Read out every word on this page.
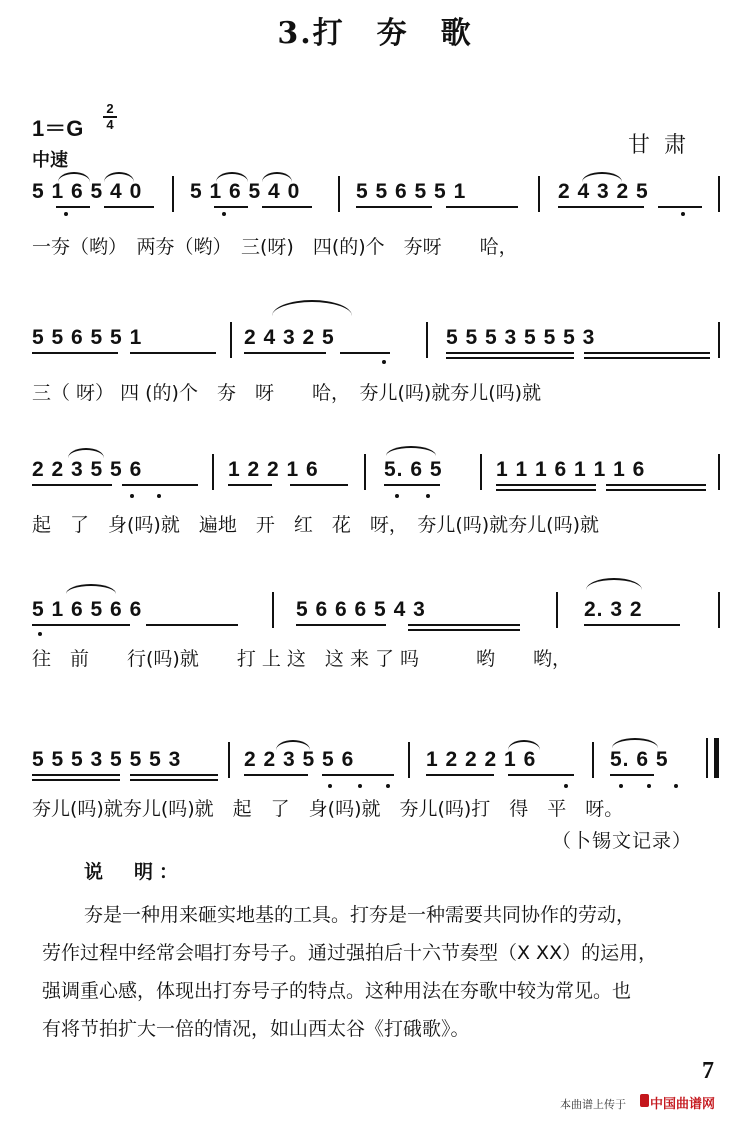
3.打　夯　歌
1＝G
2
4
中速
甘肃
5 1 6 5 4 0 5 1 6 5 4 0	5 5 6 5 5 1	2 4 3 2 5
一夯（哟）　两夯（哟）　三(呀)　四(的)个　夯呀　　哈，
5 5 6 5 5 1	2 4 3 2 5	5 5 5 3 5 5 5 3
三（ 呀） 四 (的)个　夯　呀　　哈，　夯儿(吗)就夯儿(吗)就
2 2 3 5 5 6	1 2 2 1 6	5. 6 5	1 1 1 6 1 1 1 6
起　了　身(吗)就　遍地　开　红　花　呀，　夯儿(吗)就夯儿(吗)就
5 1 6 5 6 6	5 6 6 6 5 4 3	2. 3 2
往　前　　行(吗)就　　打 上 这　这 来 了 吗　　　哟　　哟，
5 5 5 3 5 5 5 3	2 2 3 5 5 6	1 2 2 2 1 6	5. 6 5
夯儿(吗)就夯儿(吗)就　起　了　身(吗)就　夯儿(吗)打　得　平　呀。
（卜锡文记录）
说　明：
夯是一种用来砸实地基的工具。打夯是一种需要共同协作的劳动，
劳作过程中经常会唱打夯号子。通过强拍后十六节奏型（X XX）的运用，
强调重心感，体现出打夯号子的特点。这种用法在夯歌中较为常见。也
有将节拍扩大一倍的情况，如山西太谷《打硪歌》。
7
本曲谱上传于 中国曲谱网
